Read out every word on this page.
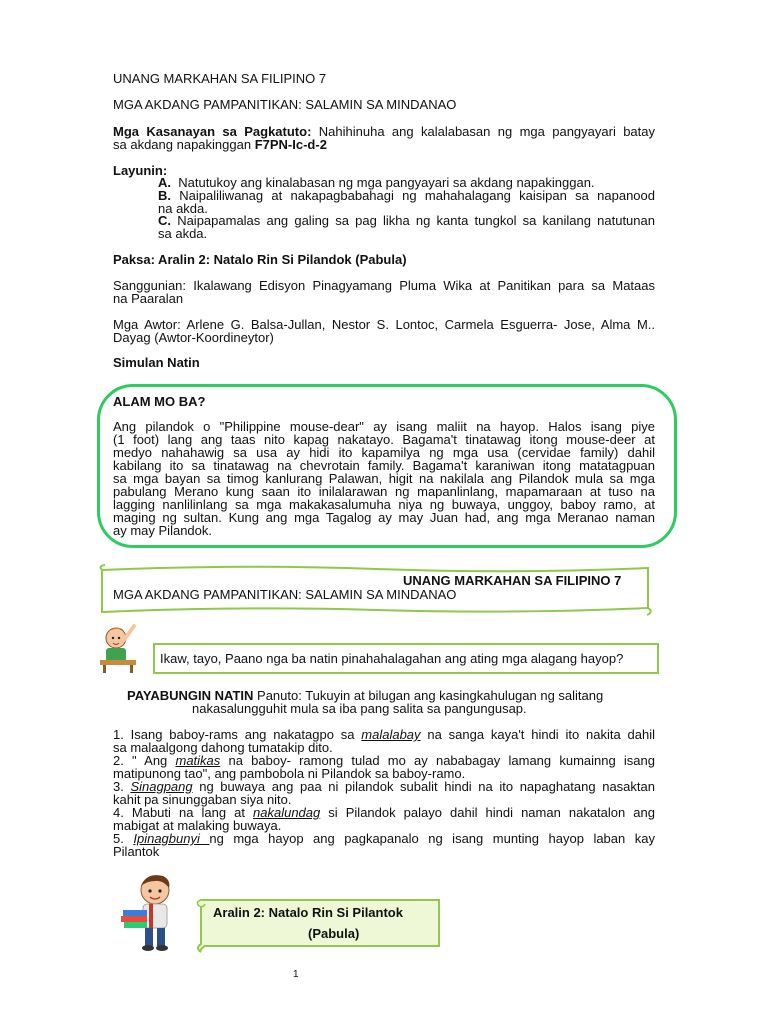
UNANG MARKAHAN SA FILIPINO 7
MGA AKDANG PAMPANITIKAN: SALAMIN SA MINDANAO
Mga Kasanayan sa Pagkatuto: Nahihinuha ang kalalabasan ng mga pangyayari batay
sa akdang napakinggan F7PN-Ic-d-2
Layunin:
A. Natutukoy ang kinalabasan ng mga pangyayari sa akdang napakinggan.
B. Naipaliliwanag at nakapagbabahagi ng mahahalagang kaisipan sa napanood
na akda.
C. Naipapamalas ang galing sa pag likha ng kanta tungkol sa kanilang natutunan
sa akda.
Paksa: Aralin 2: Natalo Rin Si Pilandok (Pabula)
Sanggunian: Ikalawang Edisyon Pinagyamang Pluma Wika at Panitikan para sa Mataas
na Paaralan
Mga Awtor: Arlene G. Balsa-Jullan, Nestor S. Lontoc, Carmela Esguerra- Jose, Alma M..
Dayag (Awtor-Koordineytor)
Simulan Natin
ALAM MO BA?
Ang pilandok o "Philippine mouse-dear" ay isang maliit na hayop. Halos isang piye
(1 foot) lang ang taas nito kapag nakatayo. Bagama't tinatawag itong mouse-deer at
medyo nahahawig sa usa ay hidi ito kapamilya ng mga usa (cervidae family) dahil
kabilang ito sa tinatawag na chevrotain family. Bagama't karaniwan itong matatagpuan
sa mga bayan sa timog kanlurang Palawan, higit na nakilala ang Pilandok mula sa mga
pabulang Merano kung saan ito inilalarawan ng mapanlinlang, mapamaraan at tuso na
lagging nanlilinlang sa mga makakasalumuha niya ng buwaya, unggoy, baboy ramo, at
maging ng sultan. Kung ang mga Tagalog ay may Juan had, ang mga Meranao naman
ay may Pilandok.
UNANG MARKAHAN SA FILIPINO 7
MGA AKDANG PAMPANITIKAN: SALAMIN SA MINDANAO
Ikaw, tayo, Paano nga ba natin pinahahalagahan ang ating mga alagang hayop?
PAYABUNGIN NATIN Panuto: Tukuyin at bilugan ang kasingkahulugan ng salitang
nakasalungguhit mula sa iba pang salita sa pangungusap.
1. Isang baboy-rams ang nakatagpo sa malalabay na sanga kaya't hindi ito nakita dahil
sa malaalgong dahong tumatakip dito.
2. " Ang matikas na baboy- ramong tulad mo ay nababagay lamang kumainng isang
matipunong tao", ang pambobola ni Pilandok sa baboy-ramo.
3. Sinagpang ng buwaya ang paa ni pilandok subalit hindi na ito napaghatang nasaktan
kahit pa sinunggaban siya nito.
4. Mabuti na lang at nakalundag si Pilandok palayo dahil hindi naman nakatalon ang
mabigat at malaking buwaya.
5. Ipinagbunyi ng mga hayop ang pagkapanalo ng isang munting hayop laban kay
Pilantok
Aralin 2: Natalo Rin Si Pilantok
(Pabula)
1
